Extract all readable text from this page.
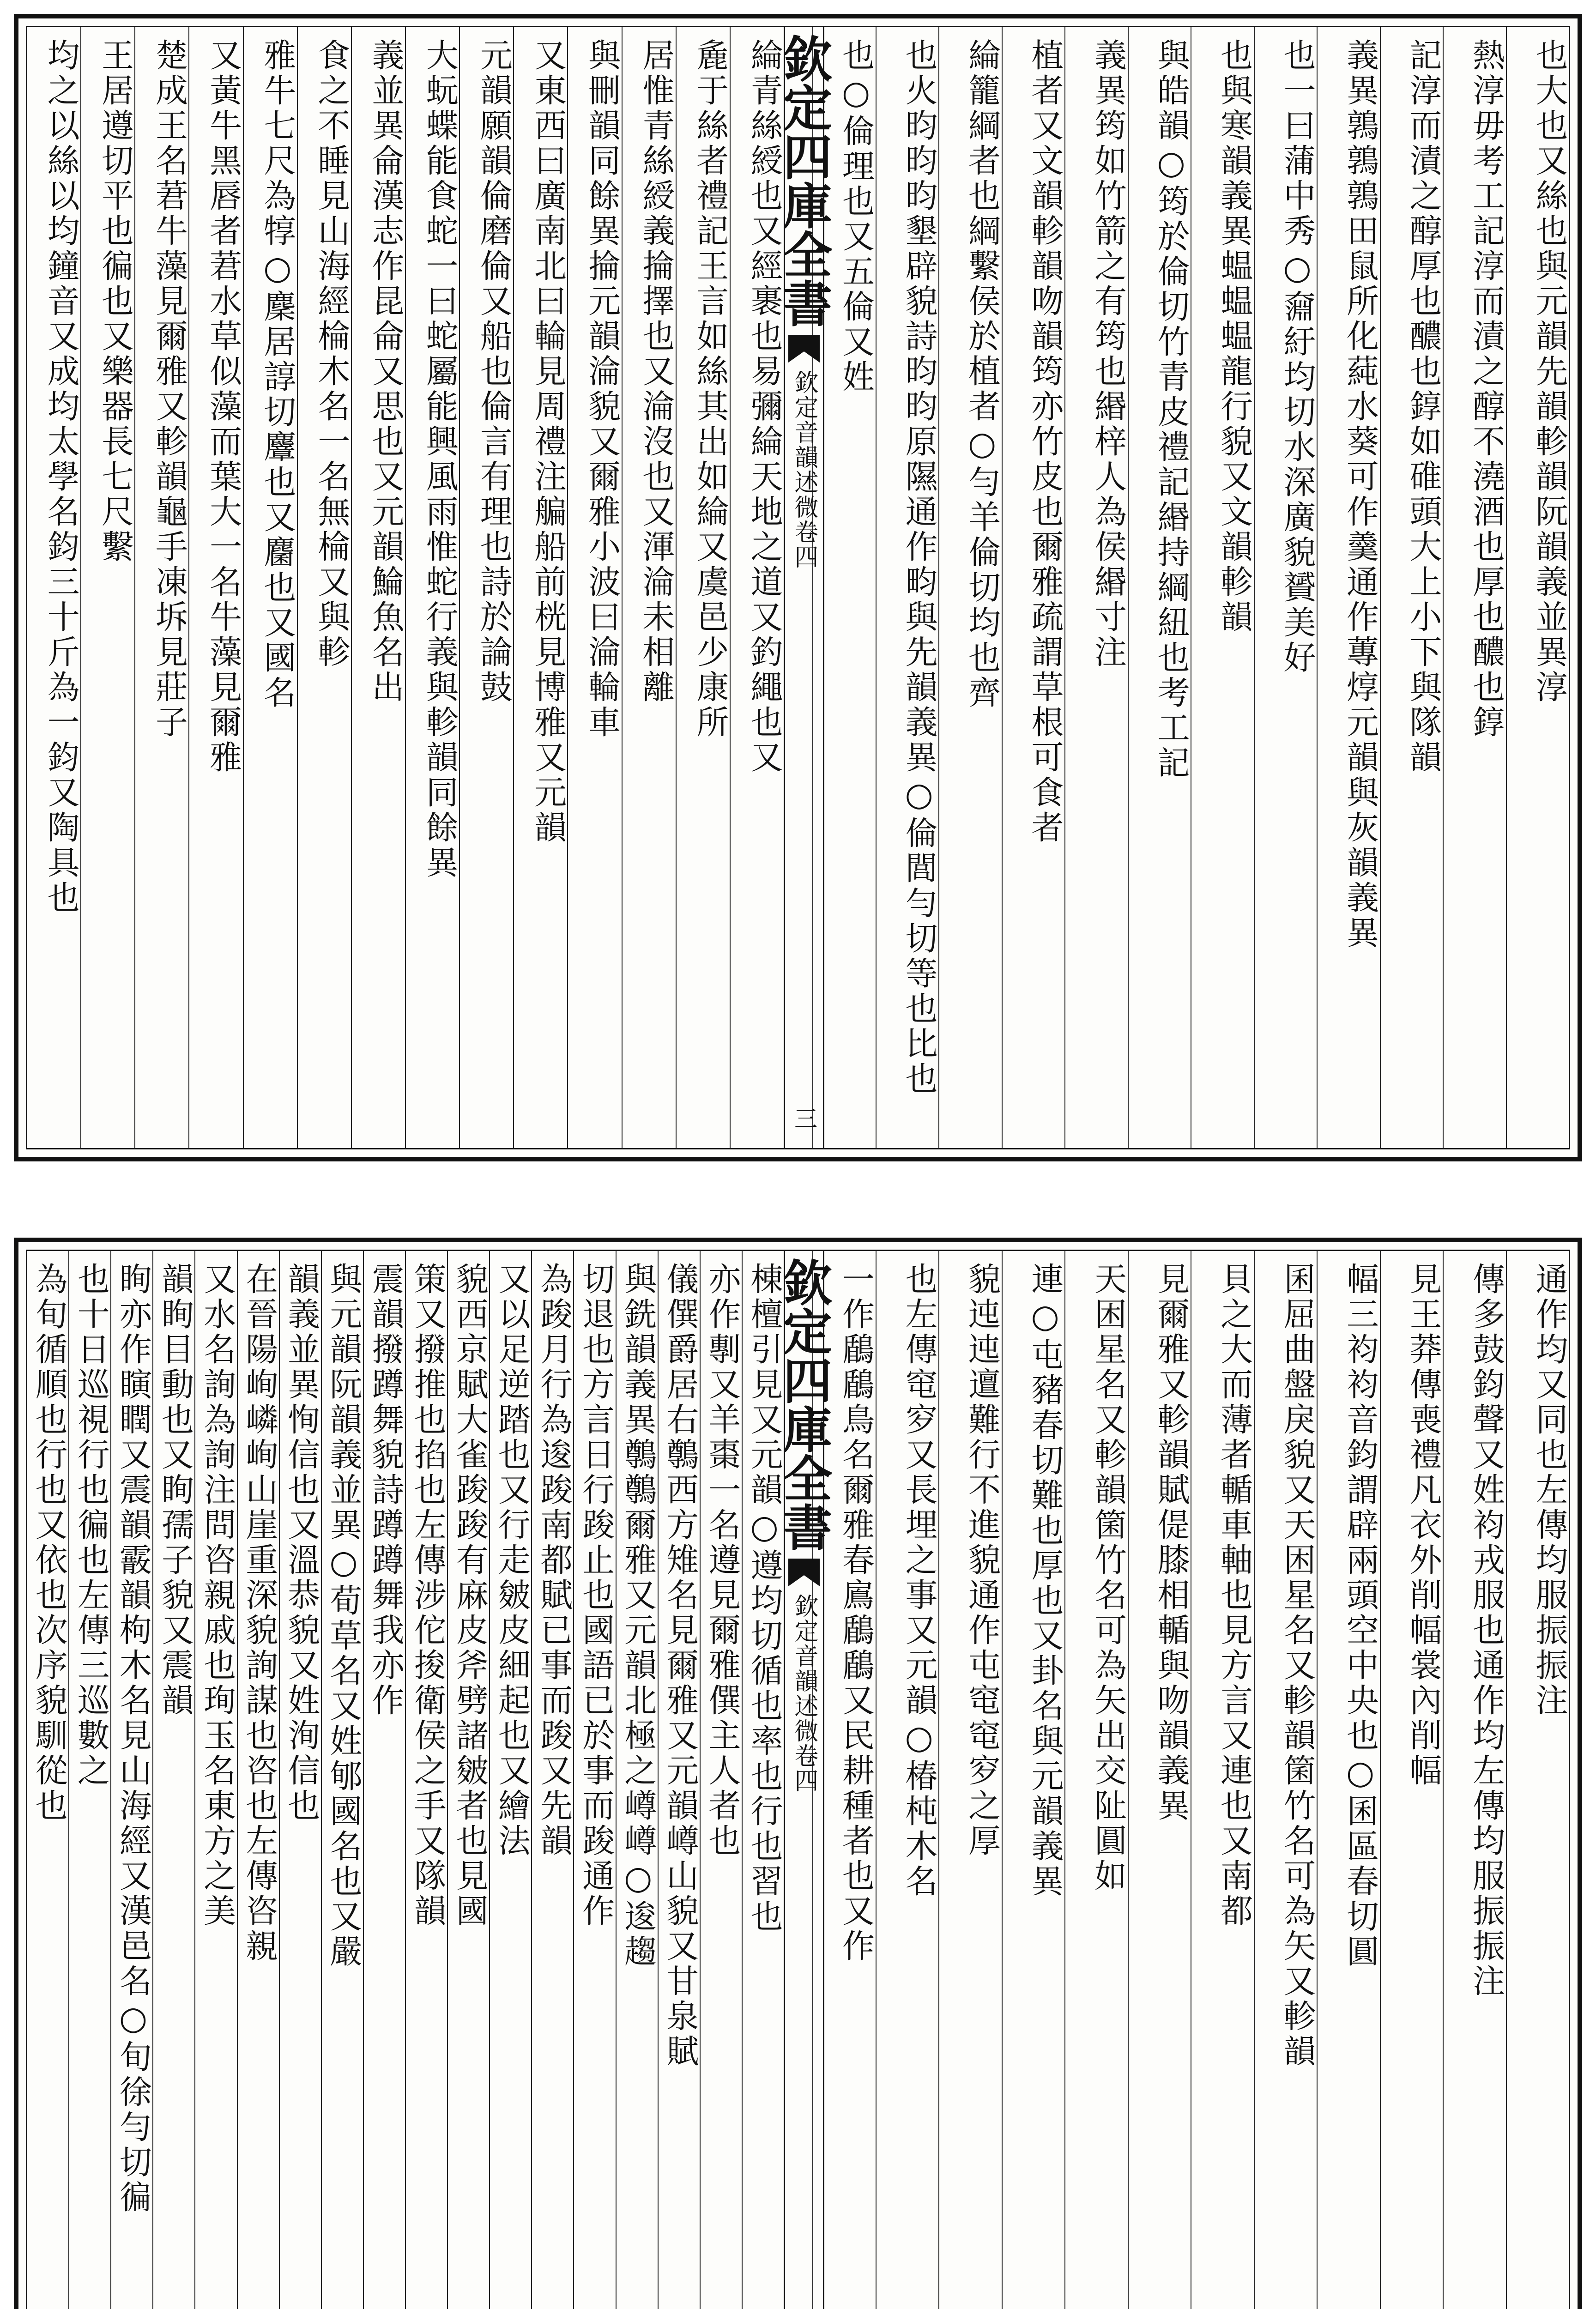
也大也又絲也與元韻先韻軫韻阮韻義並異淳
熱淳毋考工記淳而漬之醇不澆酒也厚也醲也錞
記淳而漬之醇厚也醲也錞如碓頭大上小下與隊韻
義異鶉鶉鶉田鼠所化蒓水葵可作羹通作蓴焞元韻與灰韻義異
也一曰蒲中秀○奫紆均切水深廣貌贇美好
也與寒韻義異蝹蝹蝹龍行貌又文韻軫韻
與皓韻○筠於倫切竹青皮禮記緡持綱紐也考工記
義異筠如竹箭之有筠也緡梓人為侯緡寸注
植者又文韻軫韻吻韻筠亦竹皮也爾雅疏謂草根可食者
綸籠綱者也綱繫侯於植者○勻羊倫切均也齊
也火昀昀昀墾辟貌詩昀昀原隰通作畇與先韻義異○倫閭勻切等也比也
也○倫理也又五倫又姓
欽定四庫全書
欽定音韻述微
卷四
三
綸青絲綬也又經裹也易彌綸天地之道又釣繩也又
麁于絲者禮記王言如絲其出如綸又虞邑少康所
居惟青絲綬義掄擇也又淪沒也又渾淪未相離
與刪韻同餘異掄元韻淪貌又爾雅小波曰淪輪車
又東西曰廣南北曰輪見周禮注艑船前桄見博雅又元韻
元韻願韻倫磨倫又船也倫言有理也詩於論鼓
大蚖蝶能食蛇一曰蛇屬能興風雨惟蛇行義與軫韻同餘異
義並異侖漢志作昆侖又思也又元韻鯩魚名出
食之不睡見山海經棆木名一名無棆又與軫
雅牛七尺為犉○麇居諄切麞也又麕也又國名
又黃牛黑唇者莙水草似藻而葉大一名牛藻見爾雅
楚成王名莙牛藻見爾雅又軫韻龜手凍坼見莊子
王居遵切平也徧也又樂器長七尺繫
均之以絲以均鐘音又成均太學名鈞三十斤為一鈞又陶具也
通作均又同也左傳均服振振注
傳多鼓鈞聲又姓袀戎服也通作均左傳均服振振注
見王莽傳喪禮凡衣外削幅裳內削幅
幅三袀袀音鈞謂辟兩頭空中央也○囷區春切圓
囷屈曲盤戾貌又天困星名又軫韻箘竹名可為矢又軫韻
貝之大而薄者輴車軸也見方言又連也又南都
見爾雅又軫韻賦偍膝相輴與吻韻義異
天困星名又軫韻箘竹名可為矢出交阯圓如
連○屯豬春切難也厚也又卦名與元韻義異
貌迍迍邅難行不進貌通作屯窀窀穸之厚
也左傳窀穸又長埋之事又元韻○椿杶木名
一作鶞鶞鳥名爾雅春鳸鶞鶞又民耕種者也又作
欽定四庫全書
欽定音韻述微
卷四
棟檀引見又元韻○遵均切循也率也行也習也
亦作剸又羊棗一名遵見爾雅僎主人者也
儀僎爵居右鷷西方雉名見爾雅又元韻嶟山貌又甘泉賦
與銑韻義異鷷鷷爾雅又元韻北極之嶟嶟○逡趨
切退也方言日行踆止也國語已於事而踆通作
為踆月行為逡踆南都賦已事而踆又先韻
又以足逆踏也又行走皴皮細起也又繪法
貌西京賦大雀踆踆有麻皮斧劈諸皴者也見國
策又撥推也掐也左傳涉佗捘衛侯之手又隊韻
震韻撥蹲舞貌詩蹲蹲舞我亦作
與元韻阮韻義並異○荀草名又姓郇國名也又嚴
韻義並異恂信也又溫恭貌又姓洵信也
在晉陽峋嶙峋山崖重深貌詢謀也咨也左傳咨親
又水名詢為詢注問咨親戚也珣玉名東方之美
韻眴目動也又眴孺子貌又震韻
眴亦作瞚瞤又震韻霰韻枸木名見山海經又漢邑名○旬徐勻切徧
也十日巡視行也徧也左傳三巡數之
為旬循順也行也又依也次序貌馴從也
